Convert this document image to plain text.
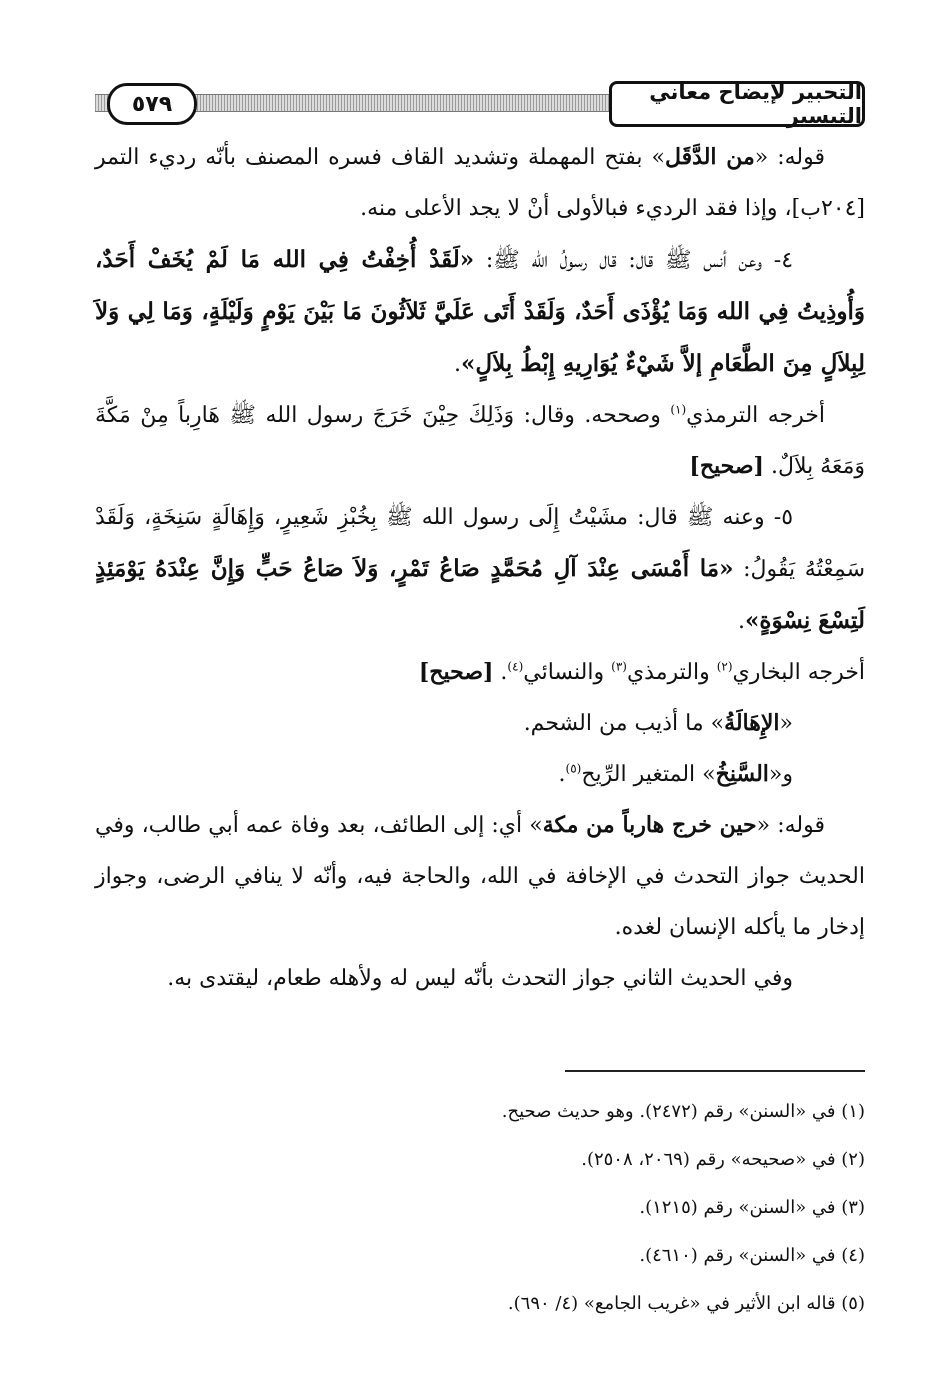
التحبير لإيضاح معاني التيسير
٥٧٩

قوله: «من الدَّقَل» بفتح المهملة وتشديد القاف فسره المصنف بأنّه رديء التمر [٢٠٤ب]، وإذا فقد الرديء فبالأولى أنْ لا يجد الأعلى منه.

٤- وعن أنس ﷺ قال: قال رسولُ الله ﷺ: «لَقَدْ أُخِفْتُ فِي الله مَا لَمْ يُخَفْ أَحَدٌ، وَأُوذِيتُ فِي الله وَمَا يُؤْذَى أَحَدٌ، وَلَقَدْ أَتَى عَلَيَّ ثَلاَثُونَ مَا بَيْنَ يَوْمٍ وَلَيْلَةٍ، وَمَا لِي وَلاَ لِبِلاَلٍ مِنَ الطَّعَامِ إلاَّ شَيْءٌ يُوَارِيهِ إِبْطُ بِلاَلٍ».

أخرجه الترمذي$^{(١)}$ وصححه. وقال: وَذَلِكَ حِيْنَ خَرَجَ رسول الله ﷺ هَارِباً مِنْ مَكَّةَ وَمَعَهُ بِلاَلٌ. [صحيح]

٥- وعنه ﷺ قال: مشَيْتُ إِلَى رسول الله ﷺ بِخُبْزِ شَعِيرٍ، وَإِهَالَةٍ سَنِخَةٍ، وَلَقَدْ سَمِعْتُهُ يَقُولُ: «مَا أَمْسَى عِنْدَ آلِ مُحَمَّدٍ صَاعُ تَمْرٍ، وَلاَ صَاعُ حَبٍّ وَإِنَّ عِنْدَهُ يَوْمَئِذٍ لَتِسْعَ نِسْوَةٍ».

أخرجه البخاري$^{(٢)}$ والترمذي$^{(٣)}$ والنسائي$^{(٤)}$. [صحيح]

«الإِهَالَةُ» ما أذيب من الشحم.

و«السَّنِخُ» المتغير الرِّيح$^{(٥)}$.

قوله: «حين خرج هارباً من مكة» أي: إلى الطائف، بعد وفاة عمه أبي طالب، وفي الحديث جواز التحدث في الإخافة في الله، والحاجة فيه، وأنّه لا ينافي الرضى، وجواز إدخار ما يأكله الإنسان لغده.

وفي الحديث الثاني جواز التحدث بأنّه ليس له ولأهله طعام، ليقتدى به.

(١) في «السنن» رقم (٢٤٧٢). وهو حديث صحيح.
(٢) في «صحيحه» رقم (٢٠٦٩، ٢٥٠٨).
(٣) في «السنن» رقم (١٢١٥).
(٤) في «السنن» رقم (٤٦١٠).
(٥) قاله ابن الأثير في «غريب الجامع» (٤/ ٦٩٠).
